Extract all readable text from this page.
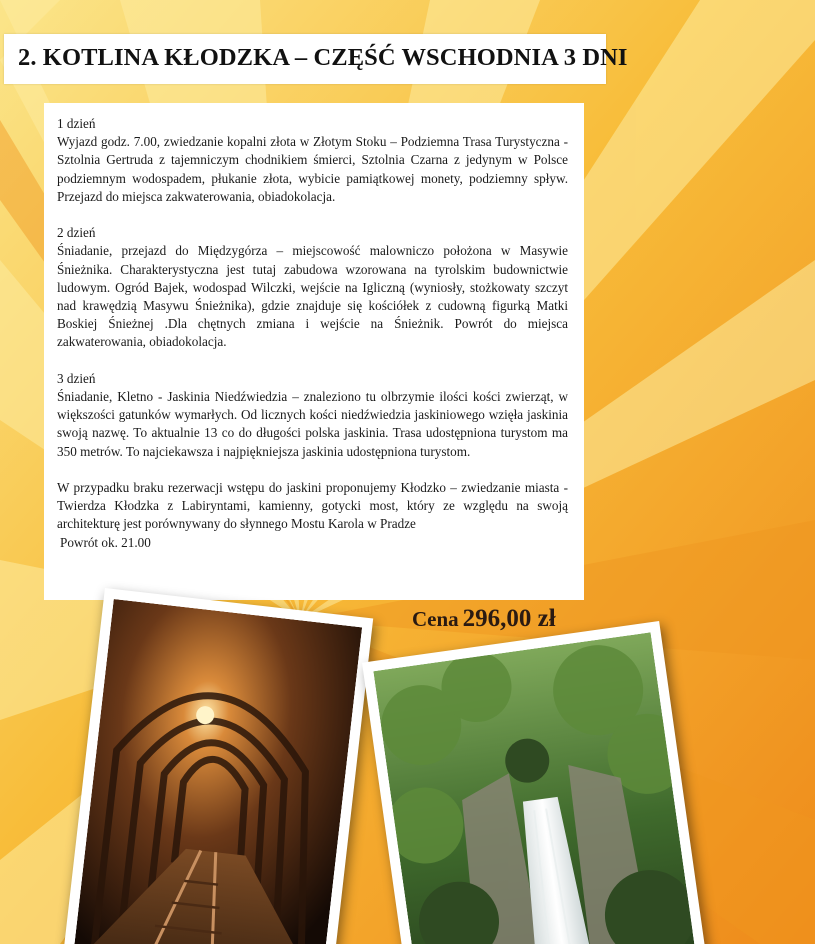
2. KOTLINA KŁODZKA – CZĘŚĆ WSCHODNIA 3 DNI
1 dzień
Wyjazd godz. 7.00, zwiedzanie kopalni złota w Złotym Stoku – Podziemna Trasa Turystyczna - Sztolnia Gertruda z tajemniczym chodnikiem śmierci, Sztolnia Czarna z jedynym w Polsce podziemnym wodospadem, płukanie złota, wybicie pamiątkowej monety, podziemny spływ. Przejazd do miejsca zakwaterowania, obiadokolacja.
2 dzień
Śniadanie, przejazd do Międzygórza – miejscowość malowniczo położona w Masywie Śnieżnika. Charakterystyczna jest tutaj zabudowa wzorowana na tyrolskim budownictwie ludowym. Ogród Bajek, wodospad Wilczki, wejście na Igliczną (wyniosły, stożkowaty szczyt nad krawędzią Masywu Śnieżnika), gdzie znajduje się kościółek z cudowną figurką Matki Boskiej Śnieżnej .Dla chętnych zmiana i wejście na Śnieżnik. Powrót do miejsca zakwaterowania, obiadokolacja.
3 dzień
Śniadanie, Kletno - Jaskinia Niedźwiedzia – znaleziono tu olbrzymie ilości kości zwierząt, w większości gatunków wymarłych. Od licznych kości niedźwiedzia jaskiniowego wzięła jaskinia swoją nazwę. To aktualnie 13 co do długości polska jaskinia. Trasa udostępniona turystom ma 350 metrów. To najciekawsza i najpiękniejsza jaskinia udostępniona turystom.
W przypadku braku rezerwacji wstępu do jaskini proponujemy Kłodzko – zwiedzanie miasta - Twierdza Kłodzka z Labiryntami, kamienny, gotycki most, który ze względu na swoją architekturę jest porównywany do słynnego Mostu Karola w Pradze
Powrót ok. 21.00
Cena 296,00 zł
